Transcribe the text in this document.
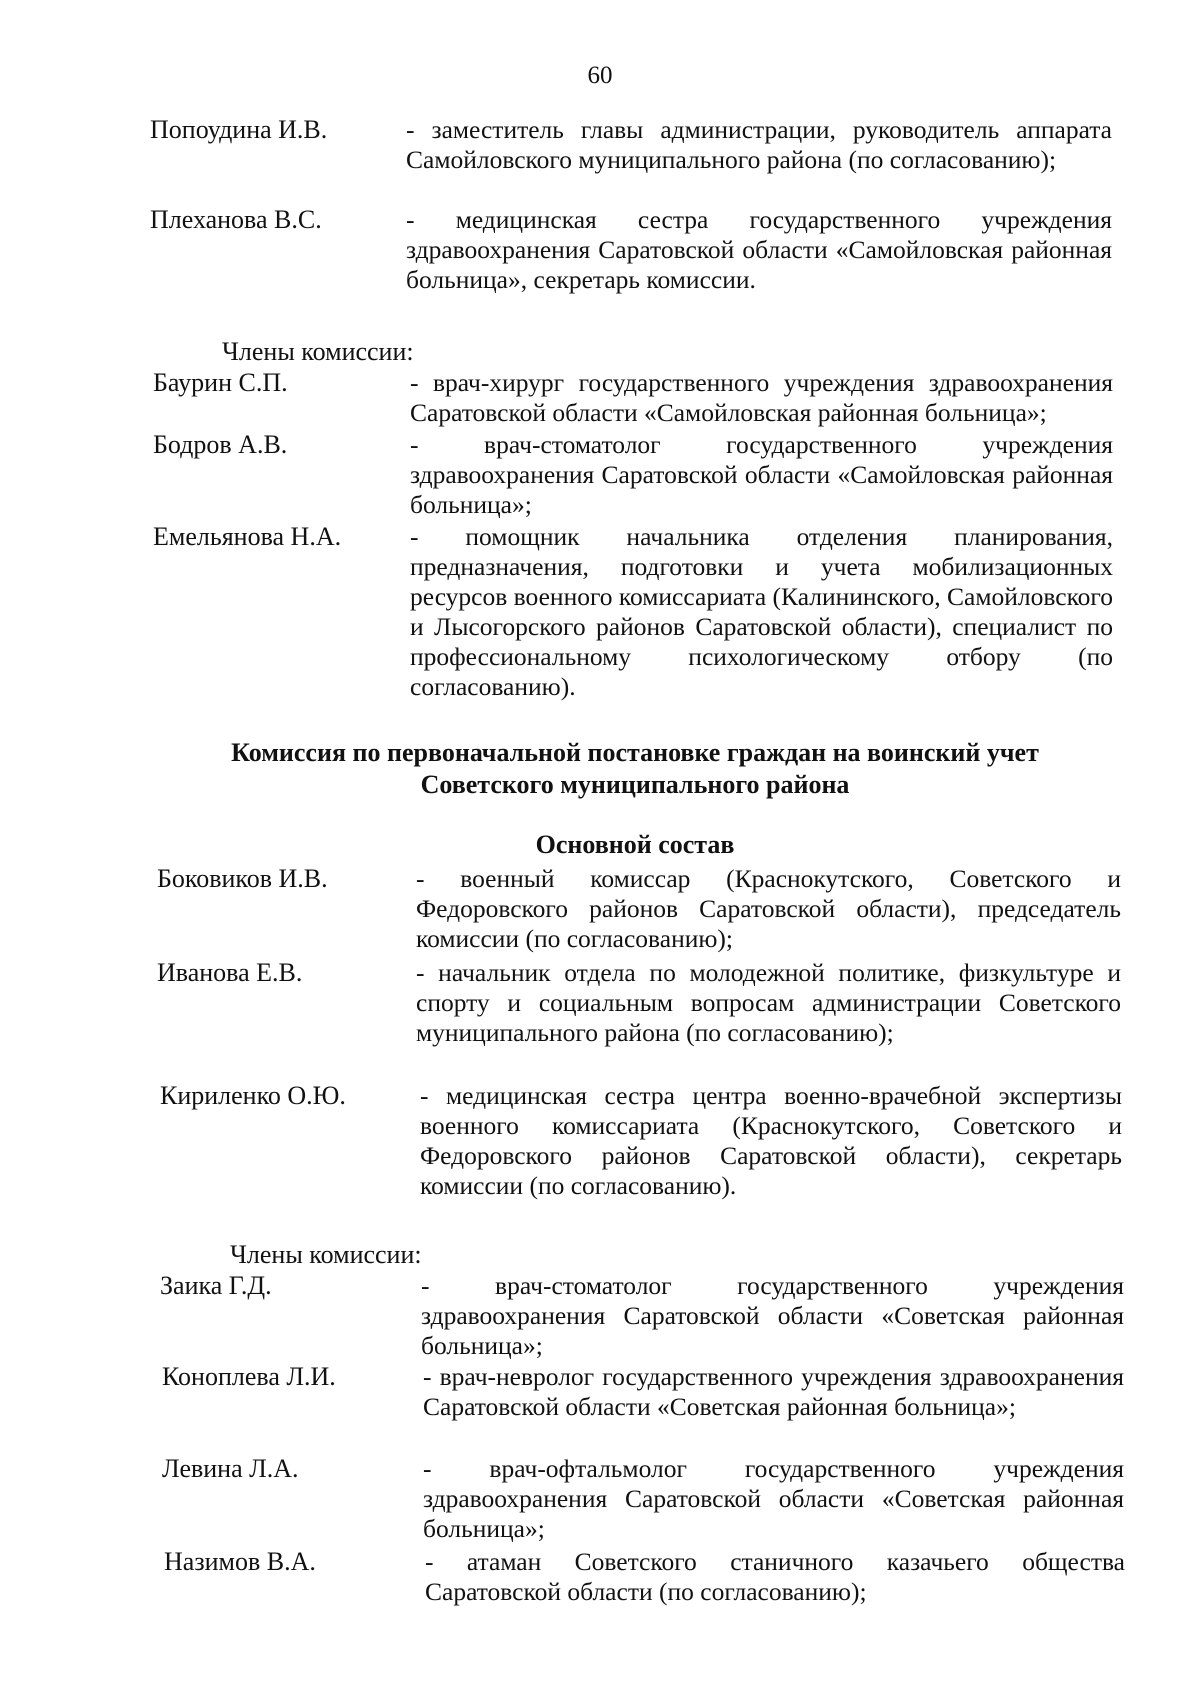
60
Попоудина И.В.	- заместитель главы администрации, руководитель аппарата Самойловского муниципального района (по согласованию);
Плеханова В.С.	- медицинская сестра государственного учреждения здравоохранения Саратовской области «Самойловская районная больница», секретарь комиссии.
Члены комиссии:
Баурин С.П.	- врач-хирург государственного учреждения здравоохранения Саратовской области «Самойловская районная больница»;
Бодров А.В.	- врач-стоматолог государственного учреждения здравоохранения Саратовской области «Самойловская районная больница»;
Емельянова Н.А.	- помощник начальника отделения планирования, предназначения, подготовки и учета мобилизационных ресурсов военного комиссариата (Калининского, Самойловского и Лысогорского районов Саратовской области), специалист по профессиональному психологическому отбору (по согласованию).
Комиссия по первоначальной постановке граждан на воинский учет
Советского муниципального района
Основной состав
Боковиков И.В.	- военный комиссар (Краснокутского, Советского и Федоровского районов Саратовской области), председатель комиссии (по согласованию);
Иванова Е.В.	- начальник отдела по молодежной политике, физкультуре и спорту и социальным вопросам администрации Советского муниципального района (по согласованию);
Кириленко О.Ю.	- медицинская сестра центра военно-врачебной экспертизы военного комиссариата (Краснокутского, Советского и Федоровского районов Саратовской области), секретарь комиссии (по согласованию).
Члены комиссии:
Заика Г.Д.	- врач-стоматолог государственного учреждения здравоохранения Саратовской области «Советская районная больница»;
Коноплева Л.И.	- врач-невролог государственного учреждения здравоохранения Саратовской области «Советская районная больница»;
Левина Л.А.	- врач-офтальмолог государственного учреждения здравоохранения Саратовской области «Советская районная больница»;
Назимов В.А.	- атаман Советского станичного казачьего общества Саратовской области (по согласованию);
